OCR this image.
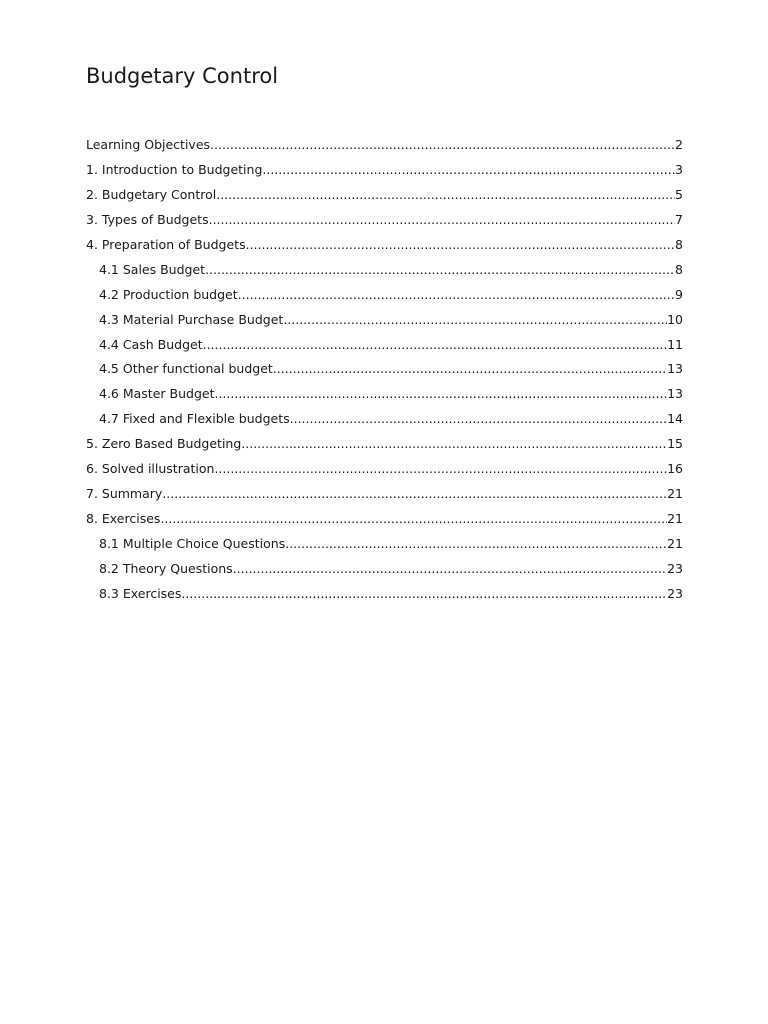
Budgetary Control
Learning Objectives .....	2
1. Introduction to Budgeting .....	3
2. Budgetary Control .....	5
3. Types of Budgets .....	7
4. Preparation of Budgets .....	8
4.1 Sales Budget .....	8
4.2 Production budget .....	9
4.3 Material Purchase Budget .....	10
4.4 Cash Budget .....	11
4.5 Other functional budget .....	13
4.6 Master Budget .....	13
4.7 Fixed and Flexible budgets .....	14
5. Zero Based Budgeting .....	15
6. Solved illustration .....	16
7. Summary .....	21
8. Exercises .....	21
8.1 Multiple Choice Questions .....	21
8.2 Theory Questions .....	23
8.3 Exercises .....	23
